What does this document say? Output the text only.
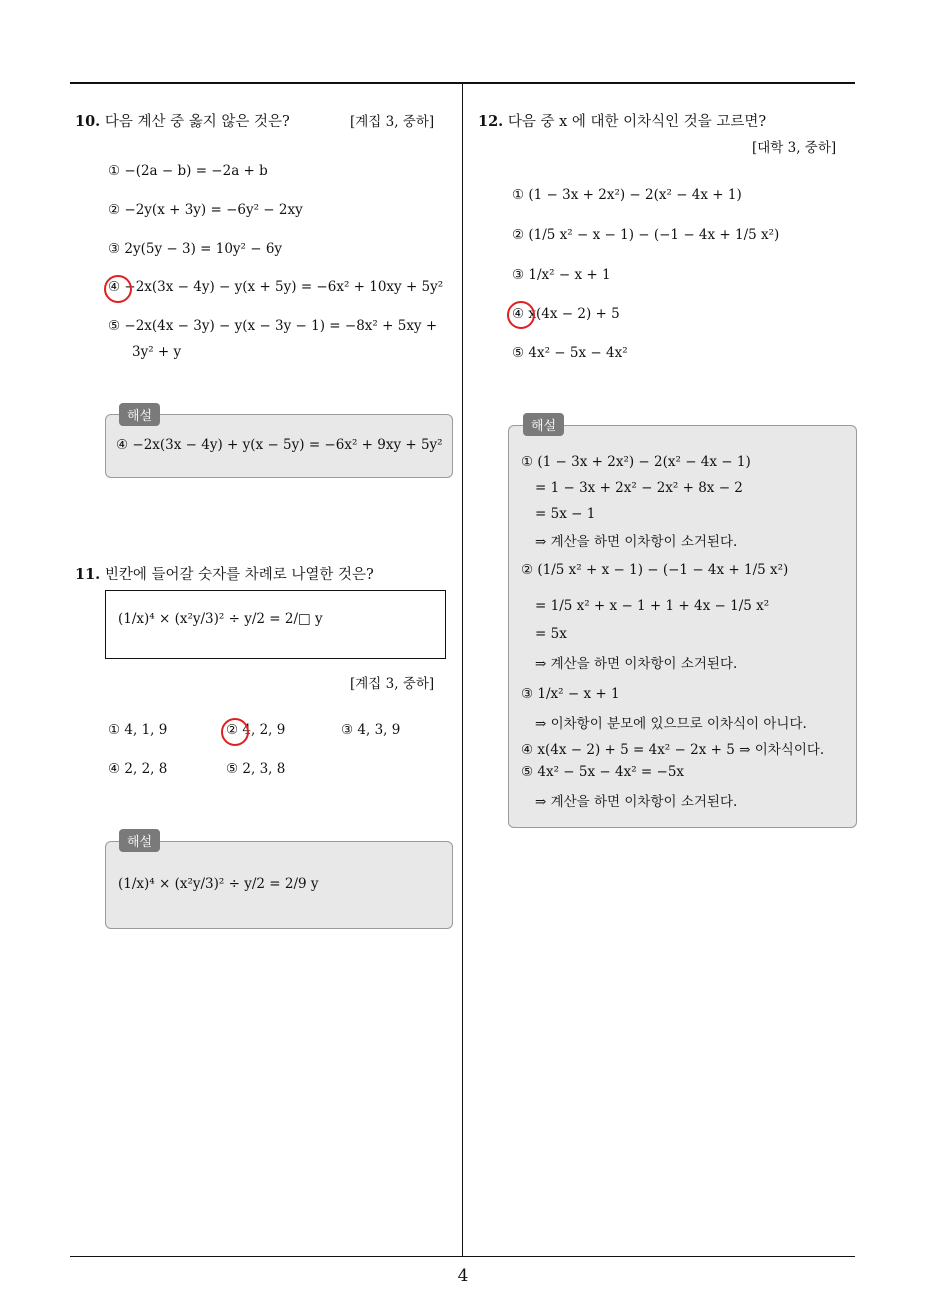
4
10. 다음 계산 중 옳지 않은 것은?	[계집 3, 중하]
① −(2a − b) = −2a + b
② −2y(x + 3y) = −6y² − 2xy
③ 2y(5y − 3) = 10y² − 6y
④ −2x(3x − 4y) − y(x + 5y) = −6x² + 10xy + 5y²
⑤ −2x(4x − 3y) − y(x − 3y − 1) = −8x² + 5xy +
3y² + y
④ −2x(3x − 4y) + y(x − 5y) = −6x² + 9xy + 5y²
해설
11. 빈칸에 들어갈 숫자를 차례로 나열한 것은?
(1/x)⁴ × (x²y/3)² ÷ y/2 = 2/□ y
[계집 3, 중하]
① 4, 1, 9	② 4, 2, 9	③ 4, 3, 9
④ 2, 2, 8	⑤ 2, 3, 8
(1/x)⁴ × (x²y/3)² ÷ y/2 = 2/9 y
해설
12. 다음 중 x 에 대한 이차식인 것을 고르면?
[대학 3, 중하]
① (1 − 3x + 2x²) − 2(x² − 4x + 1)
② (1/5 x² − x − 1) − (−1 − 4x + 1/5 x²)
③ 1/x² − x + 1
④ x(4x − 2) + 5
⑤ 4x² − 5x − 4x²
① (1 − 3x + 2x²) − 2(x² − 4x − 1)
= 1 − 3x + 2x² − 2x² + 8x − 2
= 5x − 1
⇒ 계산을 하면 이차항이 소거된다.
② (1/5 x² + x − 1) − (−1 − 4x + 1/5 x²)
= 1/5 x² + x − 1 + 1 + 4x − 1/5 x²
= 5x
⇒ 계산을 하면 이차항이 소거된다.
③ 1/x² − x + 1
⇒ 이차항이 분모에 있으므로 이차식이 아니다.
④ x(4x − 2) + 5 = 4x² − 2x + 5 ⇒ 이차식이다.
⑤ 4x² − 5x − 4x² = −5x
⇒ 계산을 하면 이차항이 소거된다.
해설
